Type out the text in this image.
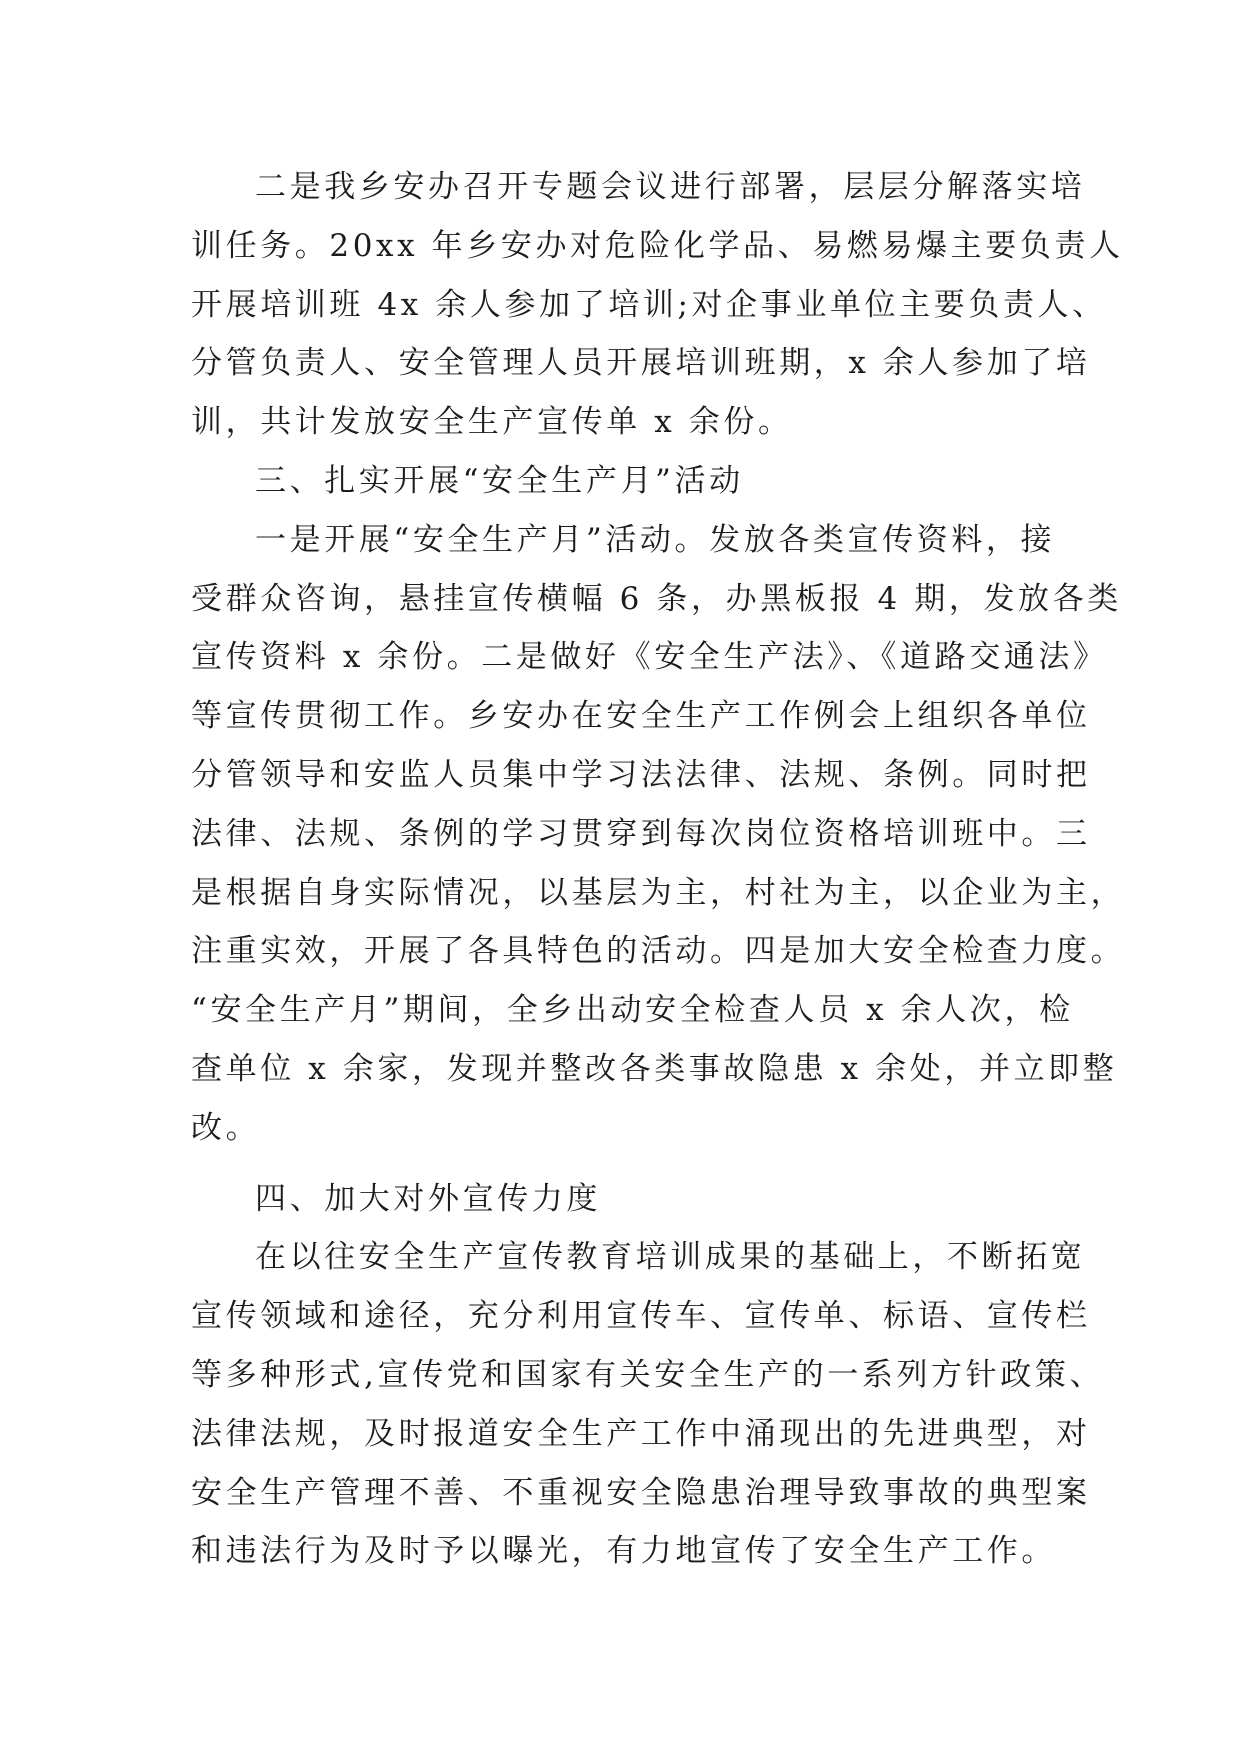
二是我乡安办召开专题会议进行部署，层层分解落实培
训任务。20xx 年乡安办对危险化学品、易燃易爆主要负责人
开展培训班 4x 余人参加了培训;对企事业单位主要负责人、
分管负责人、安全管理人员开展培训班期，x 余人参加了培
训，共计发放安全生产宣传单 x 余份。
三、扎实开展“安全生产月”活动
一是开展“安全生产月”活动。发放各类宣传资料，接
受群众咨询，悬挂宣传横幅 6 条，办黑板报 4 期，发放各类
宣传资料 x 余份。二是做好《安全生产法》、《道路交通法》
等宣传贯彻工作。乡安办在安全生产工作例会上组织各单位
分管领导和安监人员集中学习法法律、法规、条例。同时把
法律、法规、条例的学习贯穿到每次岗位资格培训班中。三
是根据自身实际情况，以基层为主，村社为主，以企业为主，
注重实效，开展了各具特色的活动。四是加大安全检查力度。
“安全生产月”期间，全乡出动安全检查人员 x 余人次，检
查单位 x 余家，发现并整改各类事故隐患 x 余处，并立即整
改。
四、加大对外宣传力度
在以往安全生产宣传教育培训成果的基础上，不断拓宽
宣传领域和途径，充分利用宣传车、宣传单、标语、宣传栏
等多种形式,宣传党和国家有关安全生产的一系列方针政策、
法律法规，及时报道安全生产工作中涌现出的先进典型，对
安全生产管理不善、不重视安全隐患治理导致事故的典型案
和违法行为及时予以曝光，有力地宣传了安全生产工作。
